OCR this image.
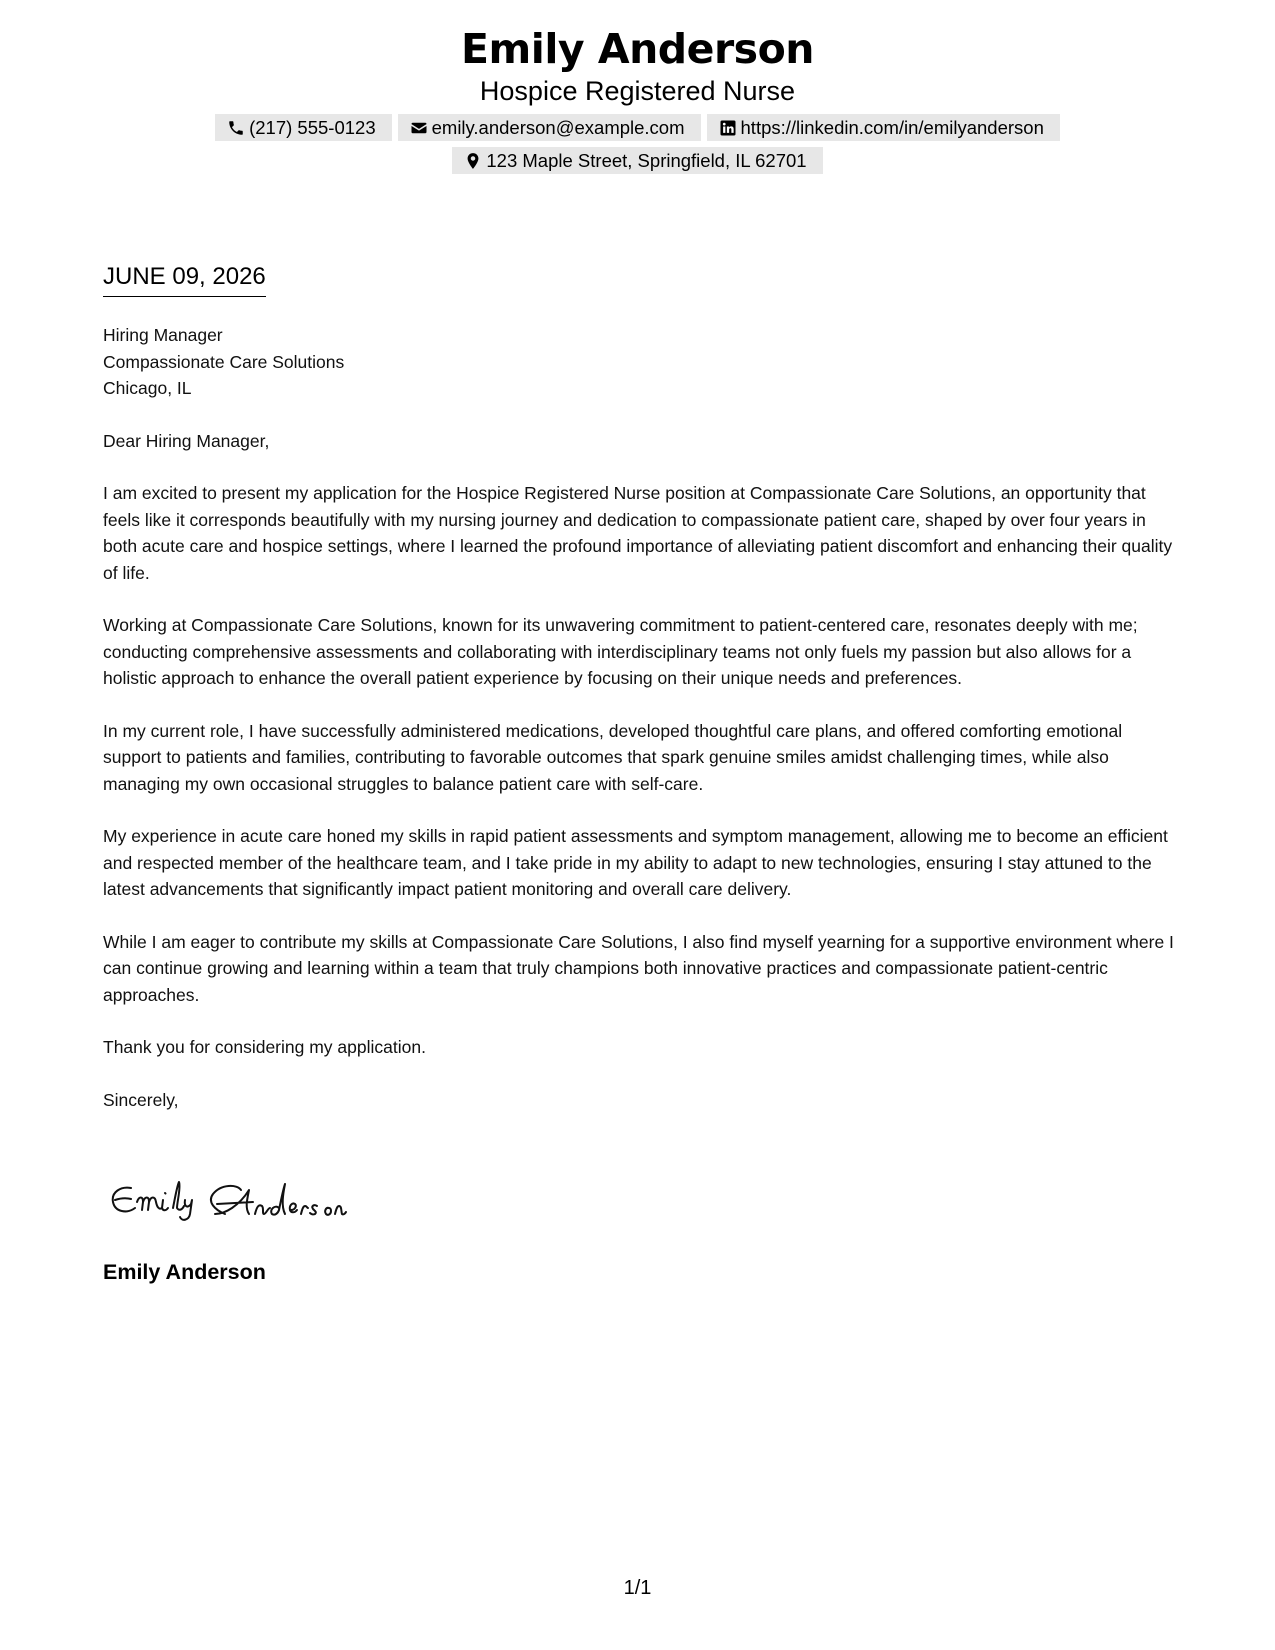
Emily Anderson
Hospice Registered Nurse
(217) 555-0123	emily.anderson@example.com	https://linkedin.com/in/emilyanderson
123 Maple Street, Springfield, IL 62701
JUNE 09, 2026
Hiring Manager
Compassionate Care Solutions
Chicago, IL

Dear Hiring Manager,

I am excited to present my application for the Hospice Registered Nurse position at Compassionate Care Solutions, an opportunity that feels like it corresponds beautifully with my nursing journey and dedication to compassionate patient care, shaped by over four years in both acute care and hospice settings, where I learned the profound importance of alleviating patient discomfort and enhancing their quality of life.

Working at Compassionate Care Solutions, known for its unwavering commitment to patient-centered care, resonates deeply with me; conducting comprehensive assessments and collaborating with interdisciplinary teams not only fuels my passion but also allows for a holistic approach to enhance the overall patient experience by focusing on their unique needs and preferences.

In my current role, I have successfully administered medications, developed thoughtful care plans, and offered comforting emotional support to patients and families, contributing to favorable outcomes that spark genuine smiles amidst challenging times, while also managing my own occasional struggles to balance patient care with self-care.

My experience in acute care honed my skills in rapid patient assessments and symptom management, allowing me to become an efficient and respected member of the healthcare team, and I take pride in my ability to adapt to new technologies, ensuring I stay attuned to the latest advancements that significantly impact patient monitoring and overall care delivery.

While I am eager to contribute my skills at Compassionate Care Solutions, I also find myself yearning for a supportive environment where I can continue growing and learning within a team that truly champions both innovative practices and compassionate patient-centric approaches.

Thank you for considering my application.

Sincerely,

Emily Anderson
1/1
